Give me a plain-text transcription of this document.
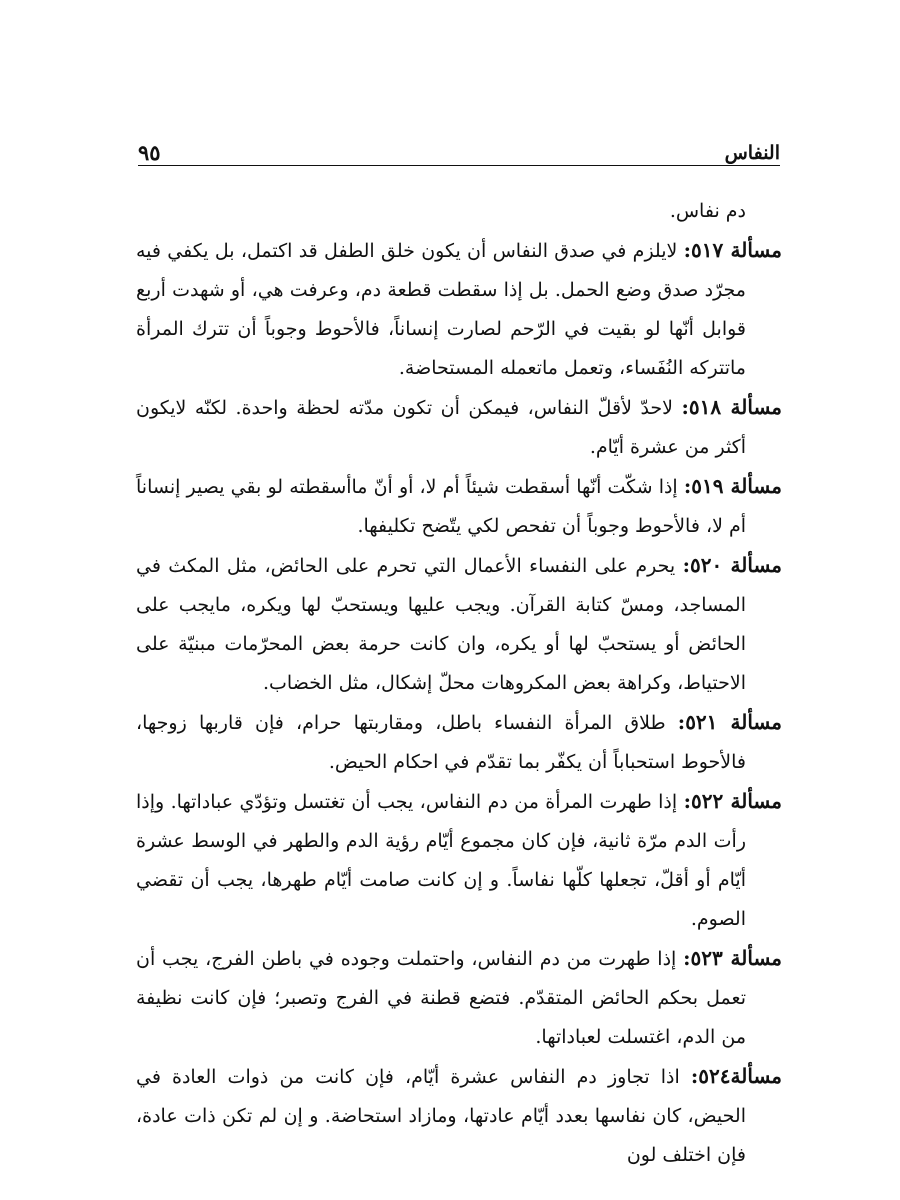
النفاس
٩٥

دم نفاس.

مسألة ٥١٧: لايلزم في صدق النفاس أن يكون خلق الطفل قد اكتمل، بل يكفي فيه مجرّد صدق وضع الحمل. بل إذا سقطت قطعة دم، وعرفت هي، أو شهدت أربع قوابل أنّها لو بقيت في الرّحم لصارت إنساناً، فالأحوط وجوباً أن تترك المرأة ماتتركه النُفَساء، وتعمل ماتعمله المستحاضة.

مسألة ٥١٨: لاحدّ لأقلّ النفاس، فيمكن أن تكون مدّته لحظة واحدة. لكنّه لايكون أكثر من عشرة أيّام.

مسألة ٥١٩: إذا شكّت أنّها أسقطت شيئاً أم لا، أو أنّ ماأسقطته لو بقي يصير إنساناً أم لا، فالأحوط وجوباً أن تفحص لكي يتّضح تكليفها.

مسألة ٥٢٠: يحرم على النفساء الأعمال التي تحرم على الحائض، مثل المكث في المساجد، ومسّ كتابة القرآن. ويجب عليها ويستحبّ لها ويكره، مايجب على الحائض أو يستحبّ لها أو يكره، وان كانت حرمة بعض المحرّمات مبنيّة على الاحتياط، وكراهة بعض المكروهات محلّ إشكال، مثل الخضاب.

مسألة ٥٢١: طلاق المرأة النفساء باطل، ومقاربتها حرام، فإن قاربها زوجها، فالأحوط استحباباً أن يكفّر بما تقدّم في احكام الحيض.

مسألة ٥٢٢: إذا طهرت المرأة من دم النفاس، يجب أن تغتسل وتؤدّي عباداتها. وإذا رأت الدم مرّة ثانية، فإن كان مجموع أيّام رؤية الدم والطهر في الوسط عشرة أيّام أو أقلّ، تجعلها كلّها نفاساً. و إن كانت صامت أيّام طهرها، يجب أن تقضي الصوم.

مسألة ٥٢٣: إذا طهرت من دم النفاس، واحتملت وجوده في باطن الفرج، يجب أن تعمل بحكم الحائض المتقدّم. فتضع قطنة في الفرج وتصبر؛ فإن كانت نظيفة من الدم، اغتسلت لعباداتها.

مسألة٥٢٤: اذا تجاوز دم النفاس عشرة أيّام، فإن كانت من ذوات العادة في الحيض، كان نفاسها بعدد أيّام عادتها، ومازاد استحاضة. و إن لم تكن ذات عادة، فإن اختلف لون
